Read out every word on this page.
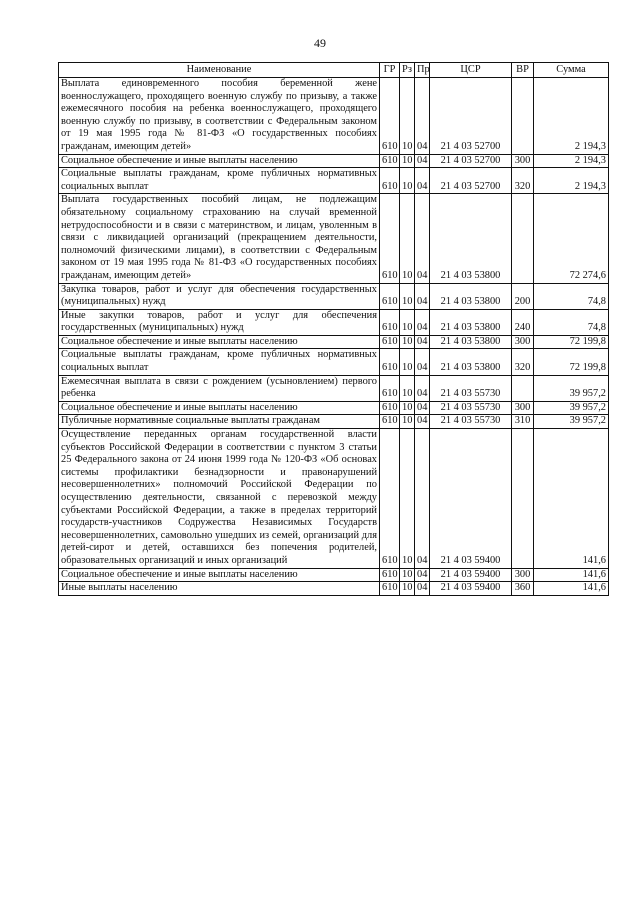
49
Наименование	ГР	Рз	Пр	ЦСР	ВР	Сумма

Выплата единовременного пособия беременной жене военнослужащего, проходящего военную службу по призыву, а также ежемесячного пособия на ребенка военнослужащего, проходящего военную службу по призыву, в соответствии с Федеральным законом от 19 мая 1995 года № 81-ФЗ «О государственных пособиях гражданам, имеющим детей»	610	10	04	21 4 03 52700		2 194,3

Социальное обеспечение и иные выплаты населению	610	10	04	21 4 03 52700	300	2 194,3

Социальные выплаты гражданам, кроме публичных нормативных социальных выплат	610	10	04	21 4 03 52700	320	2 194,3

Выплата государственных пособий лицам, не подлежащим обязательному социальному страхованию на случай временной нетрудоспособности и в связи с материнством, и лицам, уволенным в связи с ликвидацией организаций (прекращением деятельности, полномочий физическими лицами), в соответствии с Федеральным законом от 19 мая 1995 года № 81-ФЗ «О государственных пособиях гражданам, имеющим детей»	610	10	04	21 4 03 53800		72 274,6

Закупка товаров, работ и услуг для обеспечения государственных (муниципальных) нужд	610	10	04	21 4 03 53800	200	74,8

Иные закупки товаров, работ и услуг для обеспечения государственных (муниципальных) нужд	610	10	04	21 4 03 53800	240	74,8

Социальное обеспечение и иные выплаты населению	610	10	04	21 4 03 53800	300	72 199,8

Социальные выплаты гражданам, кроме публичных нормативных социальных выплат	610	10	04	21 4 03 53800	320	72 199,8

Ежемесячная выплата в связи с рождением (усыновлением) первого ребенка	610	10	04	21 4 03 55730		39 957,2

Социальное обеспечение и иные выплаты населению	610	10	04	21 4 03 55730	300	39 957,2

Публичные нормативные социальные выплаты гражданам	610	10	04	21 4 03 55730	310	39 957,2

Осуществление переданных органам государственной власти субъектов Российской Федерации в соответствии с пунктом 3 статьи 25 Федерального закона от 24 июня 1999 года № 120-ФЗ «Об основах системы профилактики безнадзорности и правонарушений несовершеннолетних» полномочий Российской Федерации по осуществлению деятельности, связанной с перевозкой между субъектами Российской Федерации, а также в пределах территорий государств-участников Содружества Независимых Государств несовершеннолетних, самовольно ушедших из семей, организаций для детей-сирот и детей, оставшихся без попечения родителей, образовательных организаций и иных организаций	610	10	04	21 4 03 59400		141,6

Социальное обеспечение и иные выплаты населению	610	10	04	21 4 03 59400	300	141,6

Иные выплаты населению	610	10	04	21 4 03 59400	360	141,6
